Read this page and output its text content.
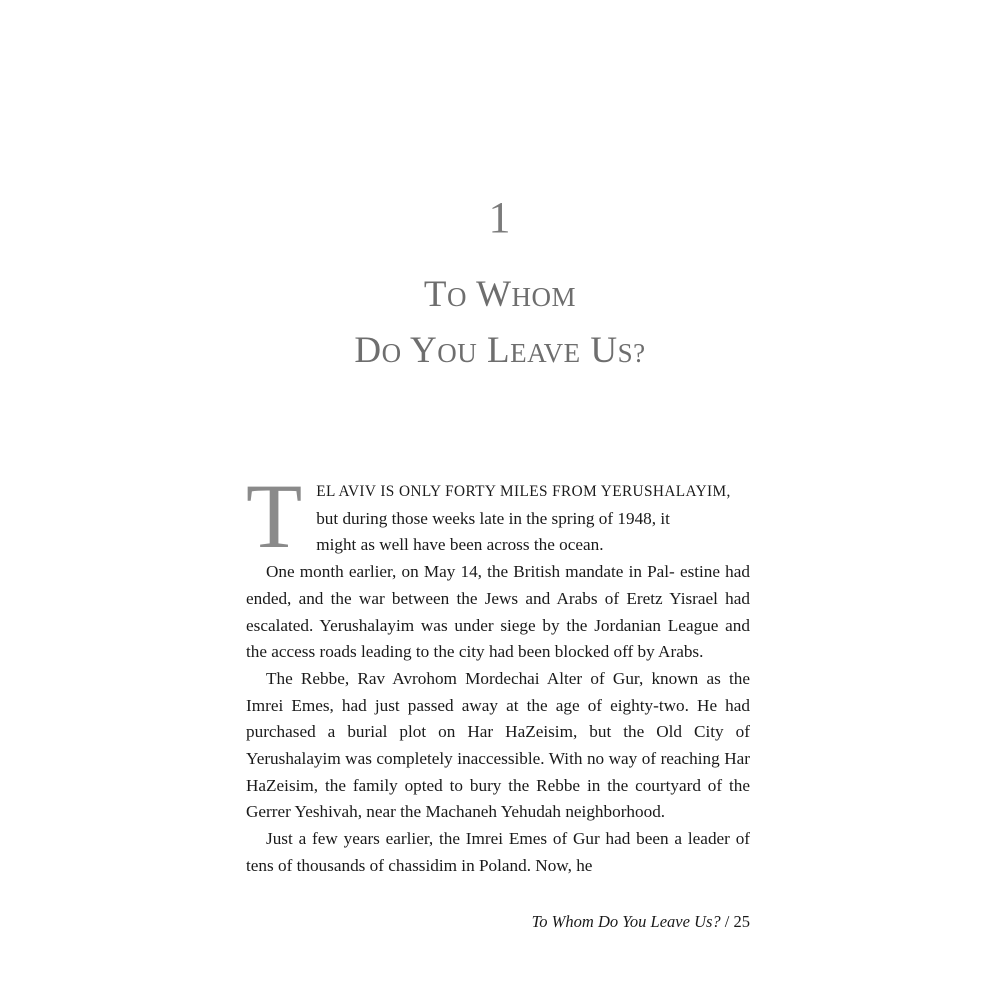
1
TO WHOM
DO YOU LEAVE US?

T EL AVIV IS ONLY FORTY MILES FROM YERUSHALAYIM,
but during those weeks late in the spring of 1948, it
might as well have been across the ocean.

One month earlier, on May 14, the British mandate in Pal- estine had ended, and the war between the Jews and Arabs of Eretz Yisrael had escalated. Yerushalayim was under siege by the Jordanian League and the access roads leading to the city had been blocked off by Arabs.

The Rebbe, Rav Avrohom Mordechai Alter of Gur, known as the Imrei Emes, had just passed away at the age of eighty-two. He had purchased a burial plot on Har HaZeisim, but the Old City of Yerushalayim was completely inaccessible. With no way of reaching Har HaZeisim, the family opted to bury the Rebbe in the courtyard of the Gerrer Yeshivah, near the Machaneh Yehudah neighborhood.

Just a few years earlier, the Imrei Emes of Gur had been a leader of tens of thousands of chassidim in Poland. Now, he

To Whom Do You Leave Us? / 25
